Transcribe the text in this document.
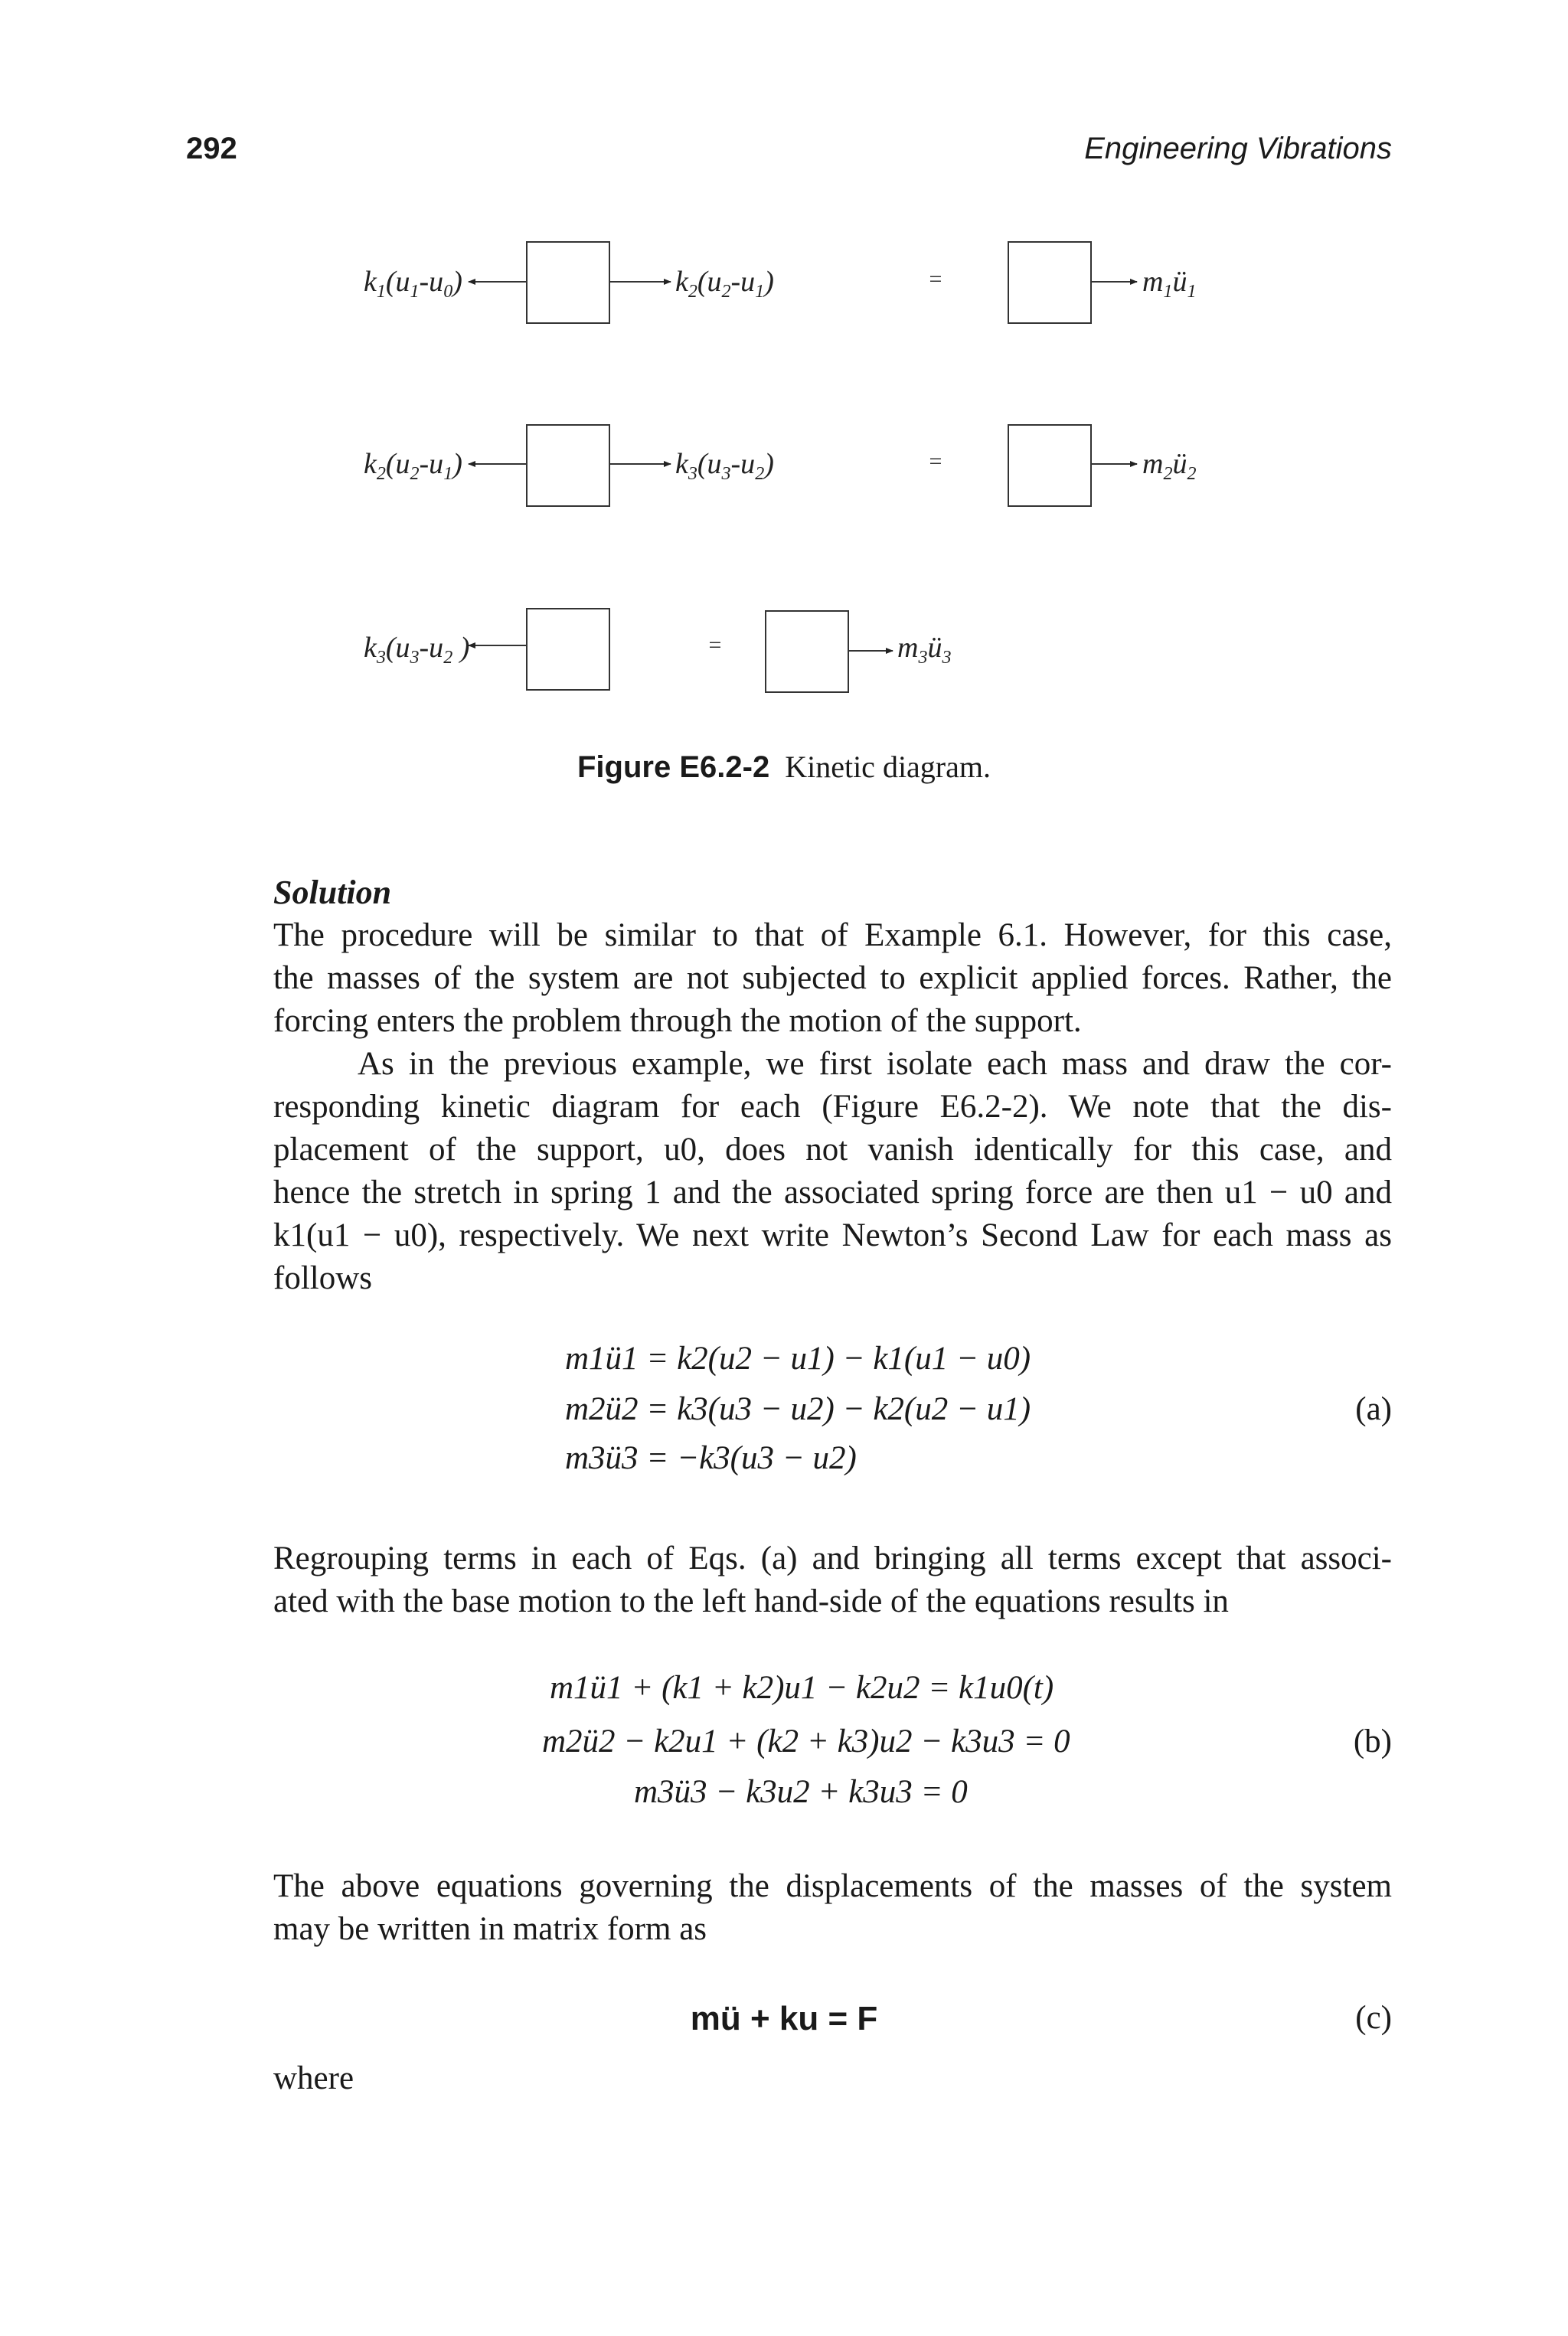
292	Engineering Vibrations
$k_1(u_1-u_0)$	$k_2(u_2-u_1)$	=	$m_1ü_1$
$k_2(u_2-u_1)$	$k_3(u_3-u_2)$	=	$m_2ü_2$
$k_3(u_3-u_2$ )	=	$m_3ü_3$
Figure E6.2-2 Kinetic diagram.
Solution
The procedure will be similar to that of Example 6.1. However, for this case,
the masses of the system are not subjected to explicit applied forces. Rather, the
forcing enters the problem through the motion of the support.
As in the previous example, we first isolate each mass and draw the cor-
responding kinetic diagram for each (Figure E6.2-2). We note that the dis-
placement of the support, u0, does not vanish identically for this case, and
hence the stretch in spring 1 and the associated spring force are then u1 − u0 and
k1(u1 − u0), respectively. We next write Newton’s Second Law for each mass as
follows
m1ü1 = k2(u2 − u1) − k1(u1 − u0)
m2ü2 = k3(u3 − u2) − k2(u2 − u1)
m3ü3 = −k3(u3 − u2)
(a)
Regrouping terms in each of Eqs. (a) and bringing all terms except that associ-
ated with the base motion to the left hand-side of the equations results in
m1ü1 + (k1 + k2)u1 − k2u2 = k1u0(t)
m2ü2 − k2u1 + (k2 + k3)u2 − k3u3 = 0
m3ü3 − k3u2 + k3u3 = 0
(b)
The above equations governing the displacements of the masses of the system
may be written in matrix form as
mü + ku = F	(c)
where
